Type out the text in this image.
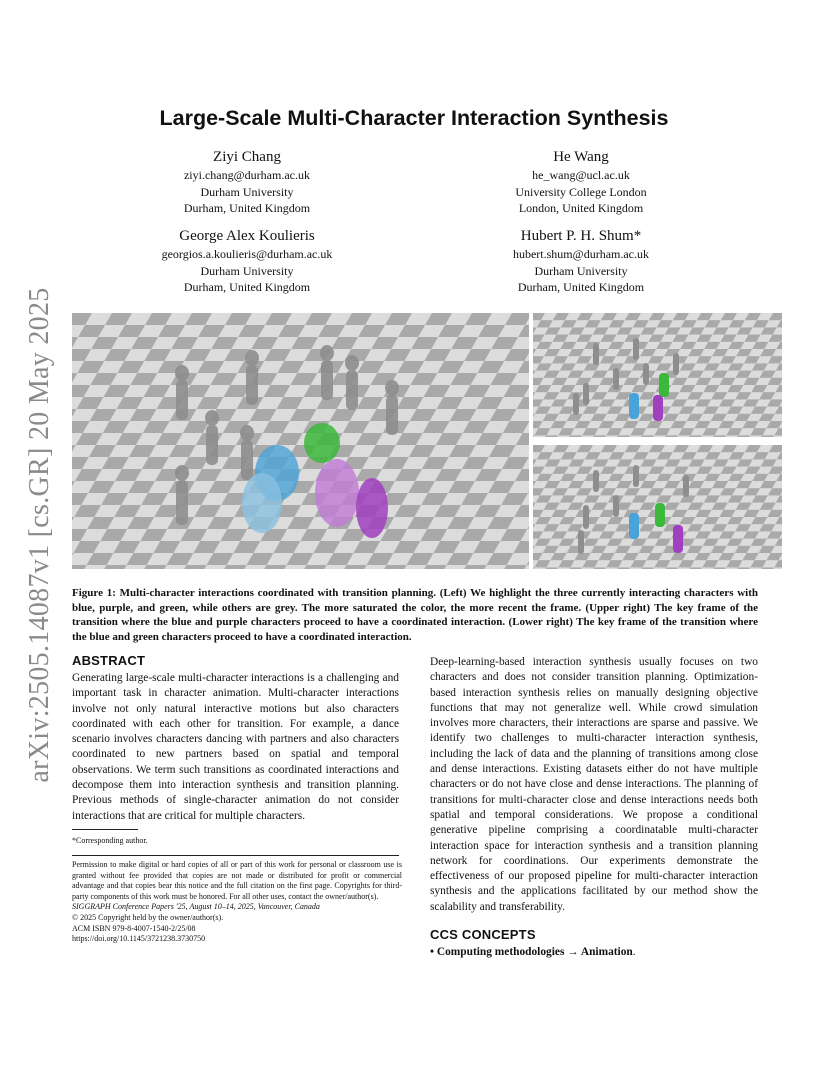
arXiv:2505.14087v1 [cs.GR] 20 May 2025
Large-Scale Multi-Character Interaction Synthesis
Ziyi Chang
ziyi.chang@durham.ac.uk
Durham University
Durham, United Kingdom
He Wang
he_wang@ucl.ac.uk
University College London
London, United Kingdom
George Alex Koulieris
georgios.a.koulieris@durham.ac.uk
Durham University
Durham, United Kingdom
Hubert P. H. Shum*
hubert.shum@durham.ac.uk
Durham University
Durham, United Kingdom

Figure 1: Multi-character interactions coordinated with transition planning. (Left) We highlight the three currently interacting characters with blue, purple, and green, while others are grey. The more saturated the color, the more recent the frame. (Upper right) The key frame of the transition where the blue and purple characters proceed to have a coordinated interaction. (Lower right) The key frame of the transition where the blue and green characters proceed to have a coordinated interaction.

ABSTRACT

Generating large-scale multi-character interactions is a challenging and important task in character animation. Multi-character interactions involve not only natural interactive motions but also characters coordinated with each other for transition. For example, a dance scenario involves characters dancing with partners and also characters coordinated to new partners based on spatial and temporal observations. We term such transitions as coordinated interactions and decompose them into interaction synthesis and transition planning. Previous methods of single-character animation do not consider interactions that are critical for multiple characters.

*Corresponding author.

Permission to make digital or hard copies of all or part of this work for personal or classroom use is granted without fee provided that copies are not made or distributed for profit or commercial advantage and that copies bear this notice and the full citation on the first page. Copyrights for third-party components of this work must be honored. For all other uses, contact the owner/author(s).
SIGGRAPH Conference Papers '25, August 10–14, 2025, Vancouver, Canada
© 2025 Copyright held by the owner/author(s).
ACM ISBN 979-8-4007-1540-2/25/08
https://doi.org/10.1145/3721238.3730750

Deep-learning-based interaction synthesis usually focuses on two characters and does not consider transition planning. Optimization-based interaction synthesis relies on manually designing objective functions that may not generalize well. While crowd simulation involves more characters, their interactions are sparse and passive. We identify two challenges to multi-character interaction synthesis, including the lack of data and the planning of transitions among close and dense interactions. Existing datasets either do not have multiple characters or do not have close and dense interactions. The planning of transitions for multi-character close and dense interactions needs both spatial and temporal considerations. We propose a conditional generative pipeline comprising a coordinatable multi-character interaction space for interaction synthesis and a transition planning network for coordinations. Our experiments demonstrate the effectiveness of our proposed pipeline for multi-character interaction synthesis and the applications facilitated by our method show the scalability and transferability.

CCS CONCEPTS

• Computing methodologies → Animation.
